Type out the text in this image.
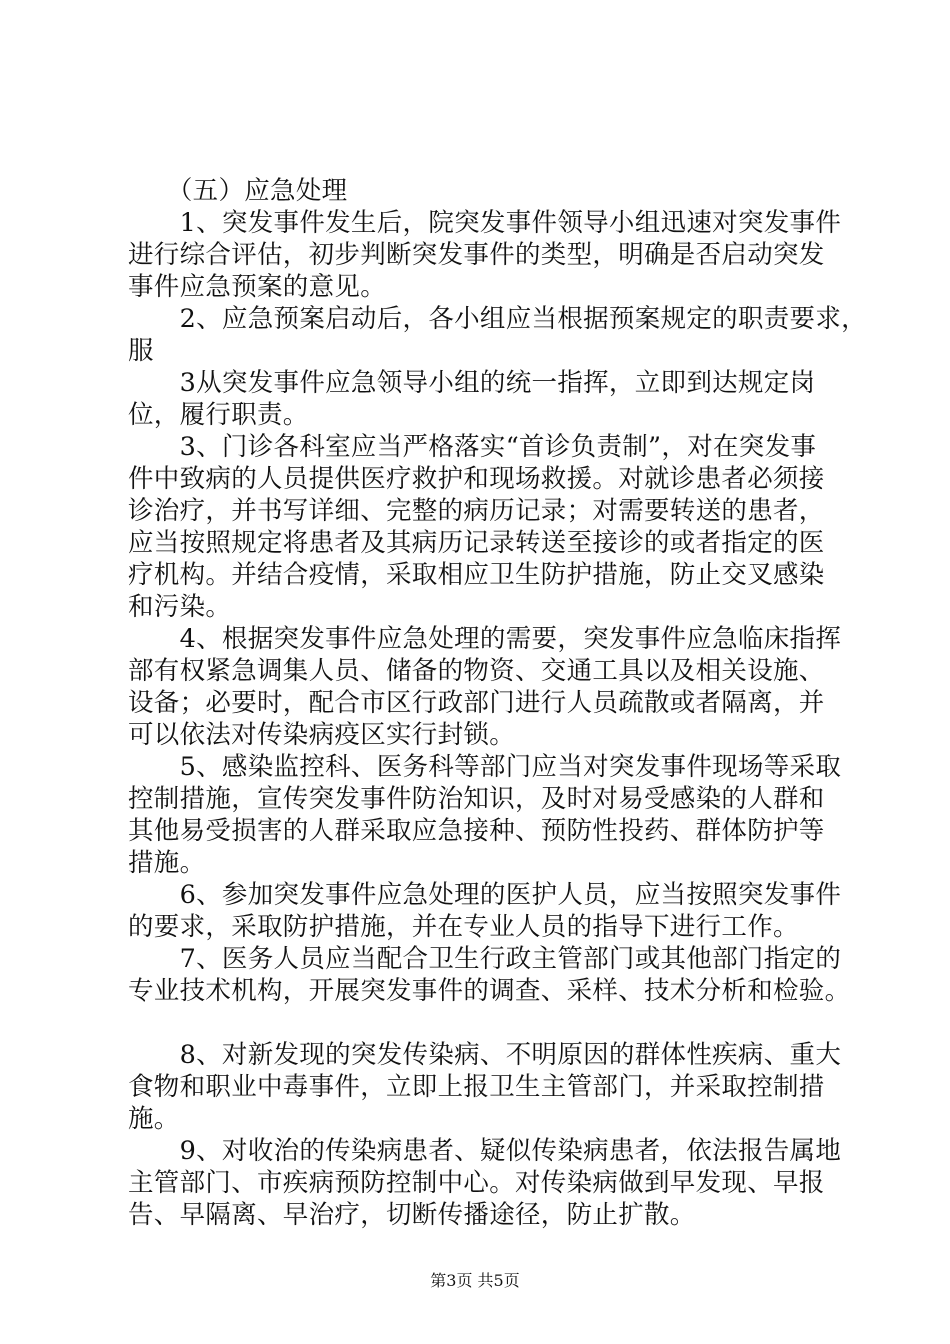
　　（五）应急处理
　　1、突发事件发生后，院突发事件领导小组迅速对突发事件
进行综合评估，初步判断突发事件的类型，明确是否启动突发
事件应急预案的意见。
　　2、应急预案启动后，各小组应当根据预案规定的职责要求，
服
　　3从突发事件应急领导小组的统一指挥，立即到达规定岗
位，履行职责。
　　3、门诊各科室应当严格落实“首诊负责制”，对在突发事
件中致病的人员提供医疗救护和现场救援。对就诊患者必须接
诊治疗，并书写详细、完整的病历记录；对需要转送的患者，
应当按照规定将患者及其病历记录转送至接诊的或者指定的医
疗机构。并结合疫情，采取相应卫生防护措施，防止交叉感染
和污染。
　　4、根据突发事件应急处理的需要，突发事件应急临床指挥
部有权紧急调集人员、储备的物资、交通工具以及相关设施、
设备；必要时，配合市区行政部门进行人员疏散或者隔离，并
可以依法对传染病疫区实行封锁。
　　5、感染监控科、医务科等部门应当对突发事件现场等采取
控制措施，宣传突发事件防治知识，及时对易受感染的人群和
其他易受损害的人群采取应急接种、预防性投药、群体防护等
措施。
　　6、参加突发事件应急处理的医护人员，应当按照突发事件
的要求，采取防护措施，并在专业人员的指导下进行工作。
　　7、医务人员应当配合卫生行政主管部门或其他部门指定的
专业技术机构，开展突发事件的调查、采样、技术分析和检验。
　　8、对新发现的突发传染病、不明原因的群体性疾病、重大
食物和职业中毒事件，立即上报卫生主管部门，并采取控制措
施。
　　9、对收治的传染病患者、疑似传染病患者，依法报告属地
主管部门、市疾病预防控制中心。对传染病做到早发现、早报
告、早隔离、早治疗，切断传播途径，防止扩散。
第3页 共5页
